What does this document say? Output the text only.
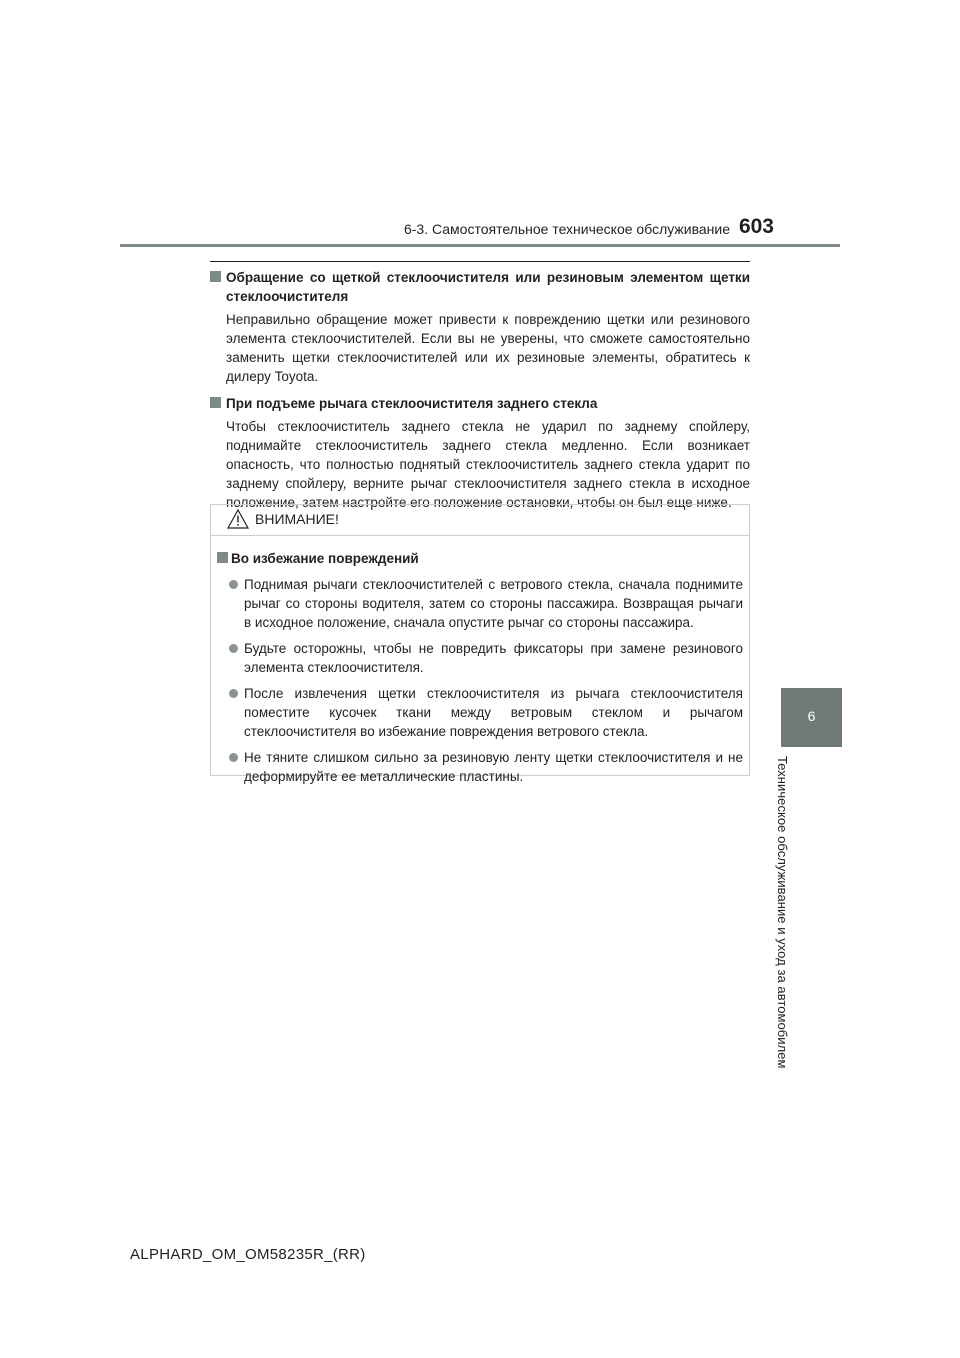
6-3. Самостоятельное техническое обслуживание 603
6
Техническое обслуживание и уход за автомобилем
Обращение со щеткой стеклоочистителя или резиновым элементом щетки стеклоочистителя
Неправильно обращение может привести к повреждению щетки или резинового элемента стеклоочистителей. Если вы не уверены, что сможете самостоятельно заменить щетки стеклоочистителей или их резиновые элементы, обратитесь к дилеру Toyota.
При подъеме рычага стеклоочистителя заднего стекла
Чтобы стеклоочиститель заднего стекла не ударил по заднему спойлеру, поднимайте стеклоочиститель заднего стекла медленно. Если возникает опасность, что полностью поднятый стеклоочиститель заднего стекла ударит по заднему спойлеру, верните рычаг стеклоочистителя заднего стекла в исходное положение, затем настройте его положение остановки, чтобы он был еще ниже.
ВНИМАНИЕ!
Во избежание повреждений
Поднимая рычаги стеклоочистителей с ветрового стекла, сначала поднимите рычаг со стороны водителя, затем со стороны пассажира. Возвращая рычаги в исходное положение, сначала опустите рычаг со стороны пассажира.
Будьте осторожны, чтобы не повредить фиксаторы при замене резинового элемента стеклоочистителя.
После извлечения щетки стеклоочистителя из рычага стеклоочистителя поместите кусочек ткани между ветровым стеклом и рычагом стеклоочистителя во избежание повреждения ветрового стекла.
Не тяните слишком сильно за резиновую ленту щетки стеклоочистителя и не деформируйте ее металлические пластины.
ALPHARD_OM_OM58235R_(RR)
